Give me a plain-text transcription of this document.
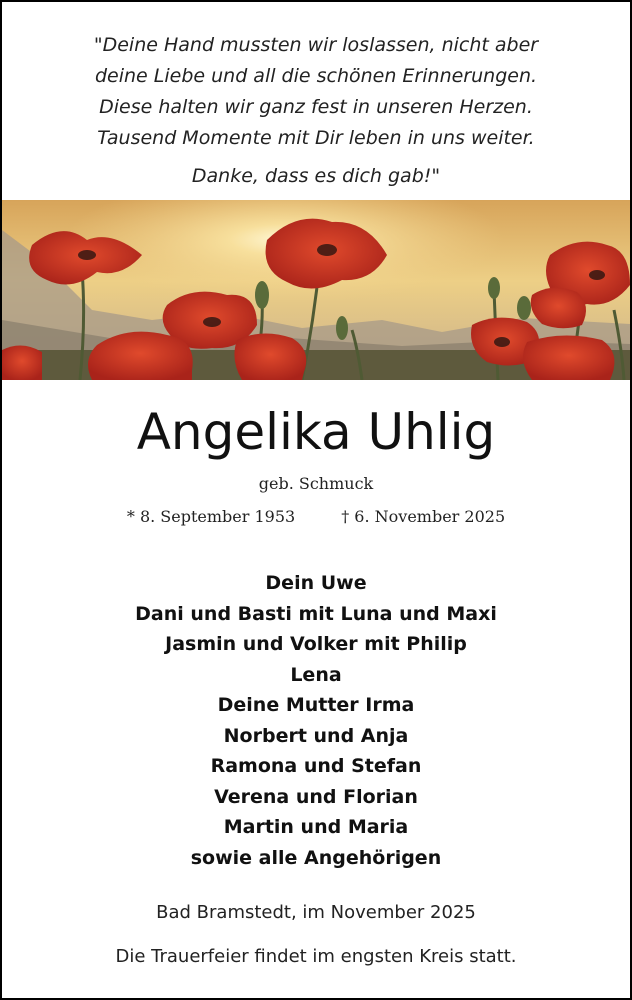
"Deine Hand mussten wir loslassen, nicht aber
deine Liebe und all die schönen Erinnerungen.
Diese halten wir ganz fest in unseren Herzen.
Tausend Momente mit Dir leben in uns weiter.
Danke, dass es dich gab!"
Angelika Uhlig
geb. Schmuck
* 8. September 1953	† 6. November 2025
Dein Uwe
Dani und Basti mit Luna und Maxi
Jasmin und Volker mit Philip
Lena
Deine Mutter Irma
Norbert und Anja
Ramona und Stefan
Verena und Florian
Martin und Maria
sowie alle Angehörigen
Bad Bramstedt, im November 2025
Die Trauerfeier findet im engsten Kreis statt.
